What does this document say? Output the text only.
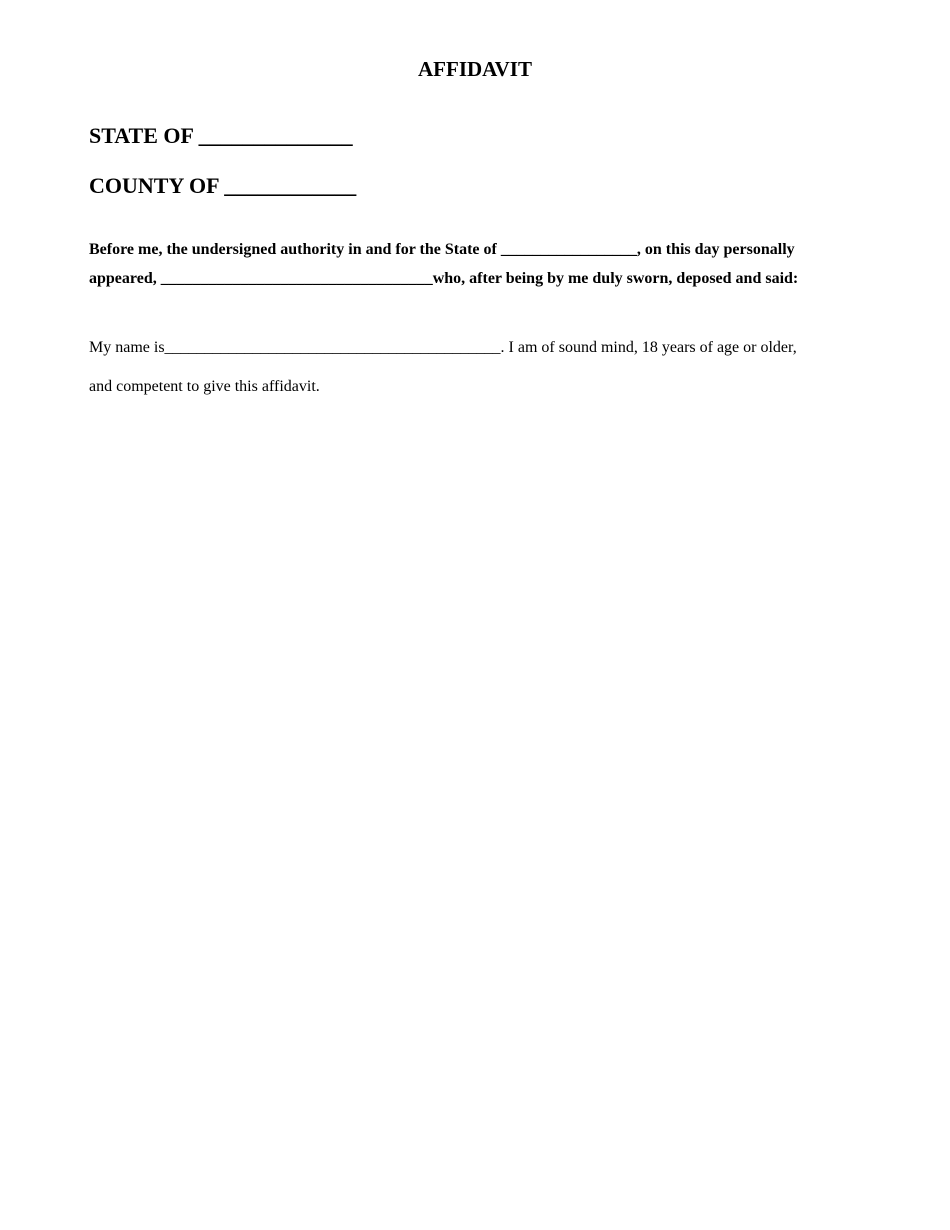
AFFIDAVIT
STATE OF ______________
COUNTY OF ____________
Before me, the undersigned authority in and for the State of _________________, on this day personally
appeared, __________________________________who, after being by me duly sworn, deposed and said:
My name is__________________________________________. I am of sound mind, 18 years of age or older,
and competent to give this affidavit.
